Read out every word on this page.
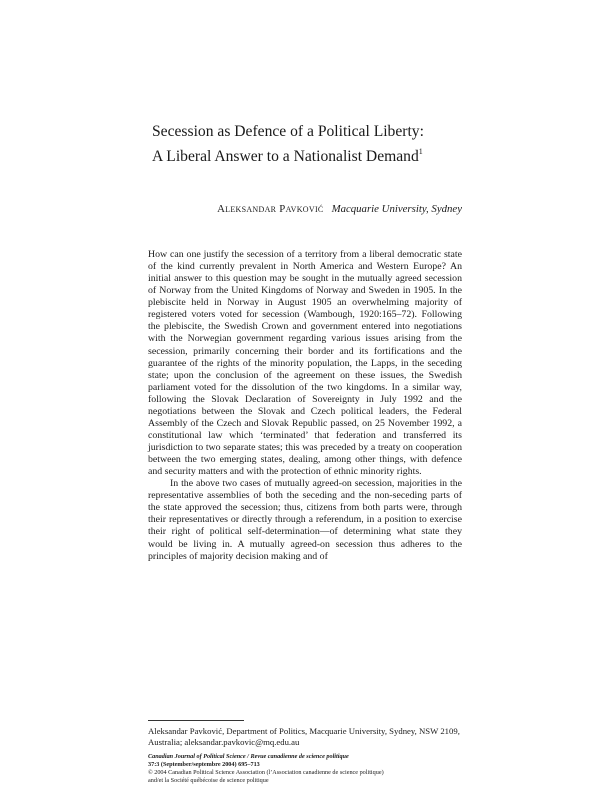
Secession as Defence of a Political Liberty:
A Liberal Answer to a Nationalist Demand$^1$
Aleksandar Pavković Macquarie University, Sydney

How can one justify the secession of a territory from a liberal democratic state of the kind currently prevalent in North America and Western Europe? An initial answer to this question may be sought in the mutually agreed secession of Norway from the United Kingdoms of Norway and Sweden in 1905. In the plebiscite held in Norway in August 1905 an overwhelming majority of registered voters voted for secession (Wambough, 1920:165–72). Following the plebiscite, the Swedish Crown and government entered into negotiations with the Norwegian government regarding various issues arising from the secession, primarily concerning their border and its fortifications and the guarantee of the rights of the minority population, the Lapps, in the seceding state; upon the conclusion of the agreement on these issues, the Swedish parliament voted for the dissolution of the two kingdoms. In a similar way, following the Slovak Declaration of Sovereignty in July 1992 and the negotiations between the Slovak and Czech political leaders, the Federal Assembly of the Czech and Slovak Republic passed, on 25 November 1992, a constitutional law which ‘terminated’ that federation and transferred its jurisdiction to two separate states; this was preceded by a treaty on cooperation between the two emerging states, dealing, among other things, with defence and security matters and with the protection of ethnic minority rights.

In the above two cases of mutually agreed-on secession, majorities in the representative assemblies of both the seceding and the non-seceding parts of the state approved the secession; thus, citizens from both parts were, through their representatives or directly through a referendum, in a position to exercise their right of political self-determination—of determining what state they would be living in. A mutually agreed-on secession thus adheres to the principles of majority decision making and of

Aleksandar Pavković, Department of Politics, Macquarie University, Sydney, NSW 2109, Australia; aleksandar.pavkovic@mq.edu.au
Canadian Journal of Political Science / Revue canadienne de science politique
37:3 (September/septembre 2004) 695–713
© 2004 Canadian Political Science Association (l’Association canadienne de science politique)
and/et la Société québécoise de science politique
